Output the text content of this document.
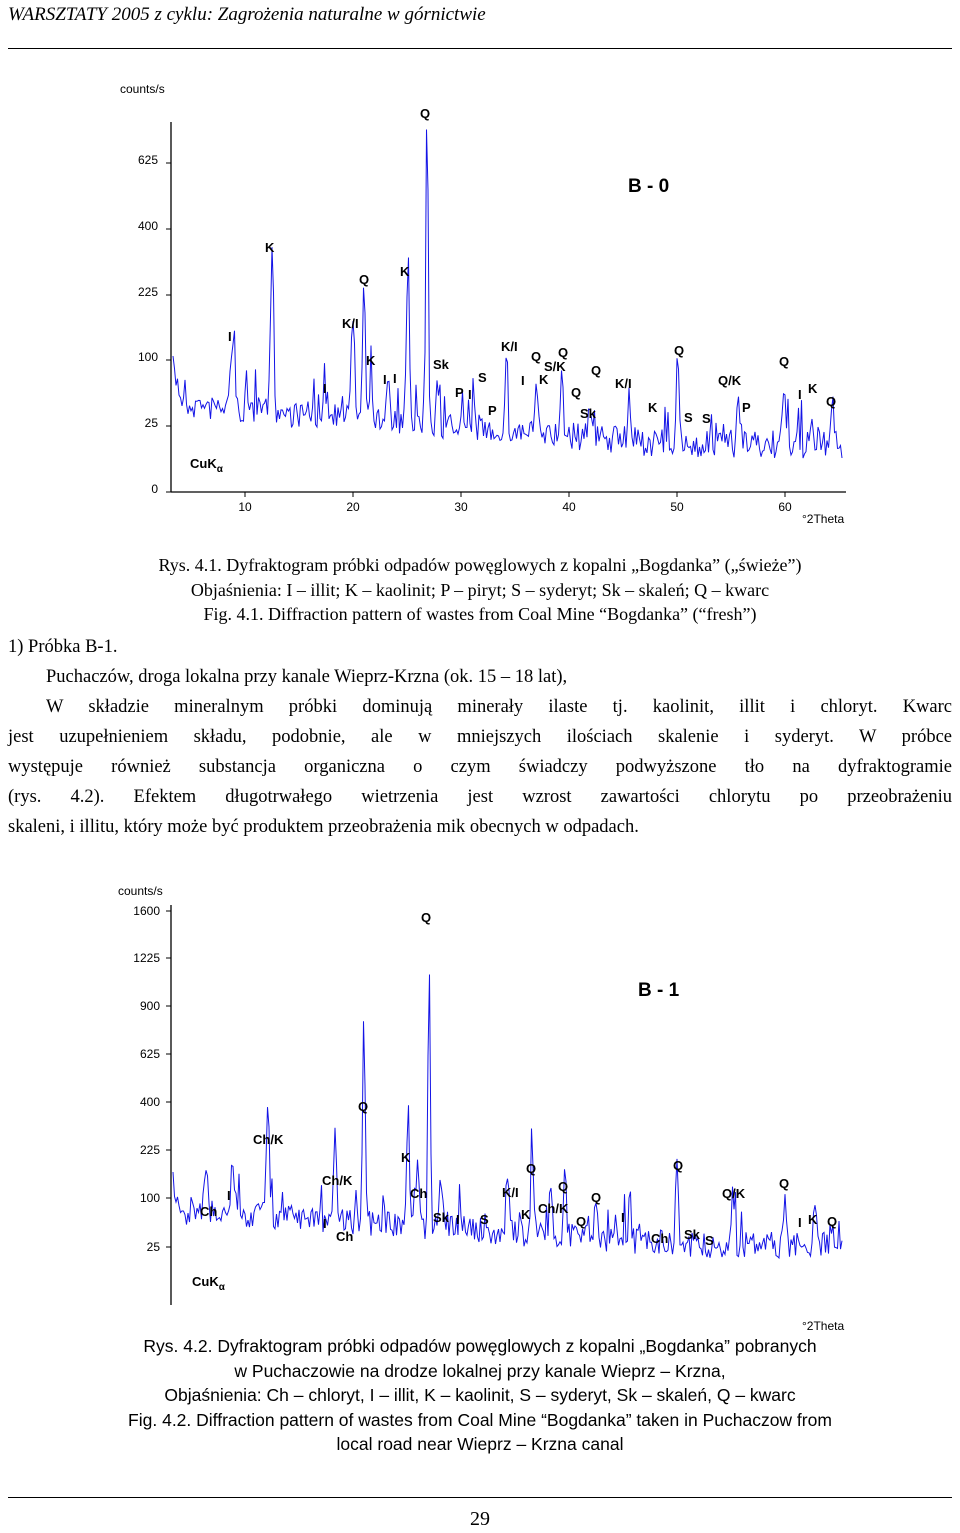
WARSZTATY 2005 z cyklu: Zagrożenia naturalne w górnictwie
counts/s
°2Theta
0
25
100
225
400
625
10	20	30	40	50	60
B - 0
CuK$_\alpha$
Q
K
Q
K
I
K/I
K
I
I I
Sk
P
S
I
K/I
Q
S/K
Q
P
I K
Q
Q
Sk
K/I
Q
K
S S
Q/K
P
Q
I K
Q
Rys. 4.1. Dyfraktogram próbki odpadów powęglowych z kopalni „Bogdanka” („świeże”)
Objaśnienia: I – illit; K – kaolinit; P – piryt; S – syderyt; Sk – skaleń; Q – kwarc
Fig. 4.1. Diffraction pattern of wastes from Coal Mine “Bogdanka” (“fresh”)
1) Próbka B-1.
Puchaczów, droga lokalna przy kanale Wieprz-Krzna (ok. 15 – 18 lat),
W składzie mineralnym próbki dominują minerały ilaste tj. kaolinit, illit i chloryt. Kwarc
jest uzupełnieniem składu, podobnie, ale w mniejszych ilościach skalenie i syderyt. W próbce
występuje również substancja organiczna o czym świadczy podwyższone tło na dyfraktogramie
(rys. 4.2). Efektem długotrwałego wietrzenia jest wzrost zawartości chlorytu po przeobrażeniu
skaleni, i illitu, który może być produktem przeobrażenia mik obecnych w odpadach.
counts/s
°2Theta
25
100
225
400
625
900
1225
1600
B - 1
CuK$_\alpha$
Q
Q
Ch/K
I
Ch
Ch/K
I
Ch
K
Ch
Q
Sk I S
K/I
K
Q
Ch/K
Q
I
Q
Q
Ch Sk S
Q/K
Q
I K Q
Rys. 4.2. Dyfraktogram próbki odpadów powęglowych z kopalni „Bogdanka” pobranych
w Puchaczowie na drodze lokalnej przy kanale Wieprz – Krzna,
Objaśnienia: Ch – chloryt, I – illit, K – kaolinit, S – syderyt, Sk – skaleń, Q – kwarc
Fig. 4.2. Diffraction pattern of wastes from Coal Mine “Bogdanka” taken in Puchaczow from
local road near Wieprz – Krzna canal
29
